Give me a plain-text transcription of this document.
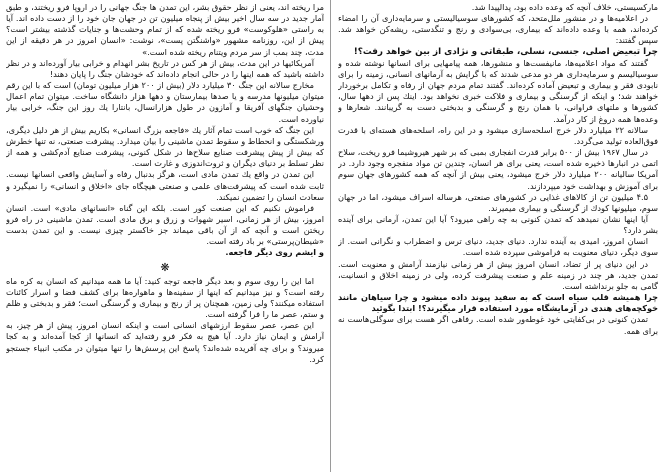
ماركسیستی، خلاف آنچه كه وعده داده بود، پدالپیدا شد.

در اعلامیه‌ها و در منشور ملل‌متحد، كه كشورهای سوسیالیستی و سرمایه‌داری آن را امضاء كرده‌اند، همه با وعده داده‌اند كه بیماری، بی‌سوادی و رنج و تنگدستی، ریشه‌كن خواهد شد. سپس گفتند:

چرا تبعیض اصلی، جنسی، نسلی، طبقاتی و نژادی از بین خواهد رفت؟!

گفتند كه مواد اعلامیه‌ها، مانیفست‌ها و منشورها، همه پیامهایی برای انسانها نوشته شده و سوسیالیسم و سرمایه‌داری هر دو مدعی شدند كه با گرایش به آرمانهای انسانی، زمینه را برای نابودی فقر و بیماری و تبعیض آماده كرده‌اند. گفتند تمام مردم جهان از رفاه و تكامل برخوردار خواهند شد؛ و اینكه از گرسنگی و بیماری و فلاكت خبری نخواهد بود. اینك پس از دهها سال، كشورها و ملتهای فراوانی، با همان رنج و گرسنگی و بدبختی دست به گریبانند. شعارها و وعده‌ها همه دروغ از كار درآمد.

سالانه ۲۲ میلیارد دلار خرج اسلحه‌سازی میشود و در این راه، اسلحه‌های هسته‌ای با قدرت فوق‌العاده تولید می‌گردد.

در سال ۱۹۶۷ بیش از ۵۰۰ برابر قدرت انفجاری بمبی كه بر شهر هیروشیما فرو ریخت، سلاح اتمی در انبارها ذخیره شده است، یعنی برای هر انسان، چندین تن مواد منفجره وجود دارد. در آمریكا سالیانه ۲۰۰ میلیارد دلار خرج میشود، یعنی بیش از آنچه كه همه كشورهای جهان سوم برای آموزش و بهداشت خود میپردازند.

۴.۵ میلیون تن از كالاهای غذایی در كشورهای صنعتی، هرساله اسراف میشود، اما در جهان سوم، میلیونها كودك از گرسنگی و بیماری میمیرند.

آیا اینها نشان نمیدهد كه تمدن كنونی به چه راهی میرود؟ آیا این تمدن، آرمانی برای آینده بشر دارد؟

انسان امروز، امیدی به آینده ندارد. دنیای جدید، دنیای ترس و اضطراب و نگرانی است. از سوی دیگر، دنیای معنویت به فراموشی سپرده شده است.

در این دنیای پر از تضاد، انسان امروز بیش از هر زمانی نیازمند آرامش و معنویت است. تمدن جدید، هر چند در زمینه علم و صنعت پیشرفت كرده، ولی در زمینه اخلاق و انسانیت، گامی به جلو برنداشته است.

چرا همیشه قلب سیاه است كه به سفید پیوند داده میشود و چرا سیاهان مانند خوكچه‌های هندی در آزمایشگاه مورد استفاده قرار میگیرند؟! ابتدا بگوئید

تمدن كنونی در بی‌كفایتی خود غوطه‌ور شده است. رفاهی اگر هست برای سوگلی‌هاست نه برای همه.

مرا ریخته اند، یعنی از نظر حقوق بشر، این تمدن ها جنگ جهانی را در اروپا فرو ریختند، و طبق آمار جدید در سه سال اخیر بیش از پنجاه میلیون تن در جهان جان خود را از دست داده اند. آیا به راستی «هلوكوست» فرو ریخته شده كه از تمام وحشت‌ها و جنایات گذشته بیشتر است؟ پیش از این، روزنامه مشهور «واشنگتن پست»، نوشت: «انسان امروز در هر دقیقه از این مدت، چند بمب از سر مردم ویتنام ریخته شده است.»

آمریكائیها در این مدت، بیش از هر كس در تاریخ بشر انهدام و خرابی بیار آورده‌اند و در نظر داشته باشید كه همه اینها را در حالی انجام داده‌اند كه خودشان جنگ را پایان دهند!

مخارج سالانه این جنگ ۳۰ میلیارد دلار (بیش از ۲۰۰ هزار میلیون تومان) است كه با این رقم میتوان میلیونها مدرسه و یا صدها بیمارستان و دهها هزار دانشگاه ساخت. میتوان تمام اعمال وحشیان جنگهای آفریقا و آمازون در طول هزارانسال، بانتارا یك روز این جنگ، خرابی بیار نیاورده است.

این جنگ كه خوب است تمام آثار یك «فاجعه بزرگ انسانی» بكاریم بیش از هر دلیل دیگری، ورشكستگی و انحطاط و سقوط تمدن ماشینی را بیان میدارد. پیشرفت صنعتی، نه تنها خطرش كه بیش از پیش پیشرفت صنایع سلاح‌ها در شكل كنونی، پیشرفت صنایع آدم‌كشی و همه از نظر تسلط بر دنیای دیگران و ثروت‌اندوزی و غارت است.

این تمدن در واقع یك تمدن مادی است، هرگز بدنبال رفاه و آسایش واقعی انسانها نیست. ثابت شده است كه پیشرفت‌های علمی و صنعتی هیچگاه جای «اخلاق و انسانی» را نمیگیرد و سعادت انسان را تضمین نمیكند.

فراموش نكنیم كه این صنعت كور است. بلكه این گناه «انسانهای مادی» است. انسان امروز، بیش از هر زمانی، اسیر شهوات و زرق و برق مادی است. تمدن ماشینی در راه فرو ریختن است و آنچه كه از آن باقی میماند جز خاكستر چیزی نیست. و این تمدن بدست «شیطان‌پرستی» بر باد رفته است.

و ایشم روی دیگر فاجعه.

❋

اما این را روی سوم و بعد دیگر فاجعه توجه كنید: آیا ما همه میدانیم كه انسان به كره ماه رفته است؟ و نیز میدانیم كه اینها از سفینه‌ها و ماهواره‌ها برای كشف فضا و اسرار كائنات استفاده میكنند؟ ولی زمین، همچنان پر از رنج و بیماری و گرسنگی است؛ فقر و بدبختی و ظلم و ستم، عصر ما را فرا گرفته است.

این عصر، عصر سقوط ارزشهای انسانی است و اینكه انسان امروز، پیش از هر چیز، به آرامش و ایمان نیاز دارد. آیا هیچ به فكر فرو رفته‌اید كه انسانها از كجا آمده‌اند و به كجا میروند؟ و برای چه آفریده شده‌اند؟ پاسخ این پرسش‌ها را تنها میتوان در مكتب انبیاء جستجو كرد.
